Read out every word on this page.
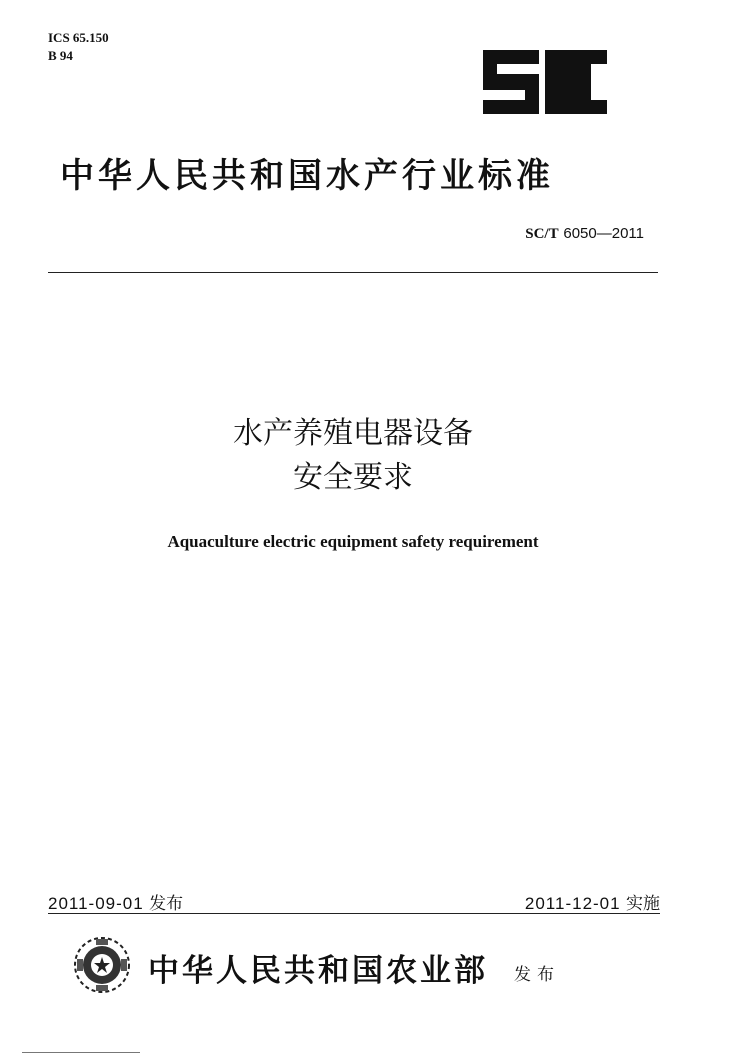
ICS 65.150
B 94
中华人民共和国水产行业标准
SC/T 6050—2011
水产养殖电器设备
安全要求
Aquaculture electric equipment safety requirement
2011-09-01 发布	2011-12-01 实施
中华人民共和国农业部 发布
